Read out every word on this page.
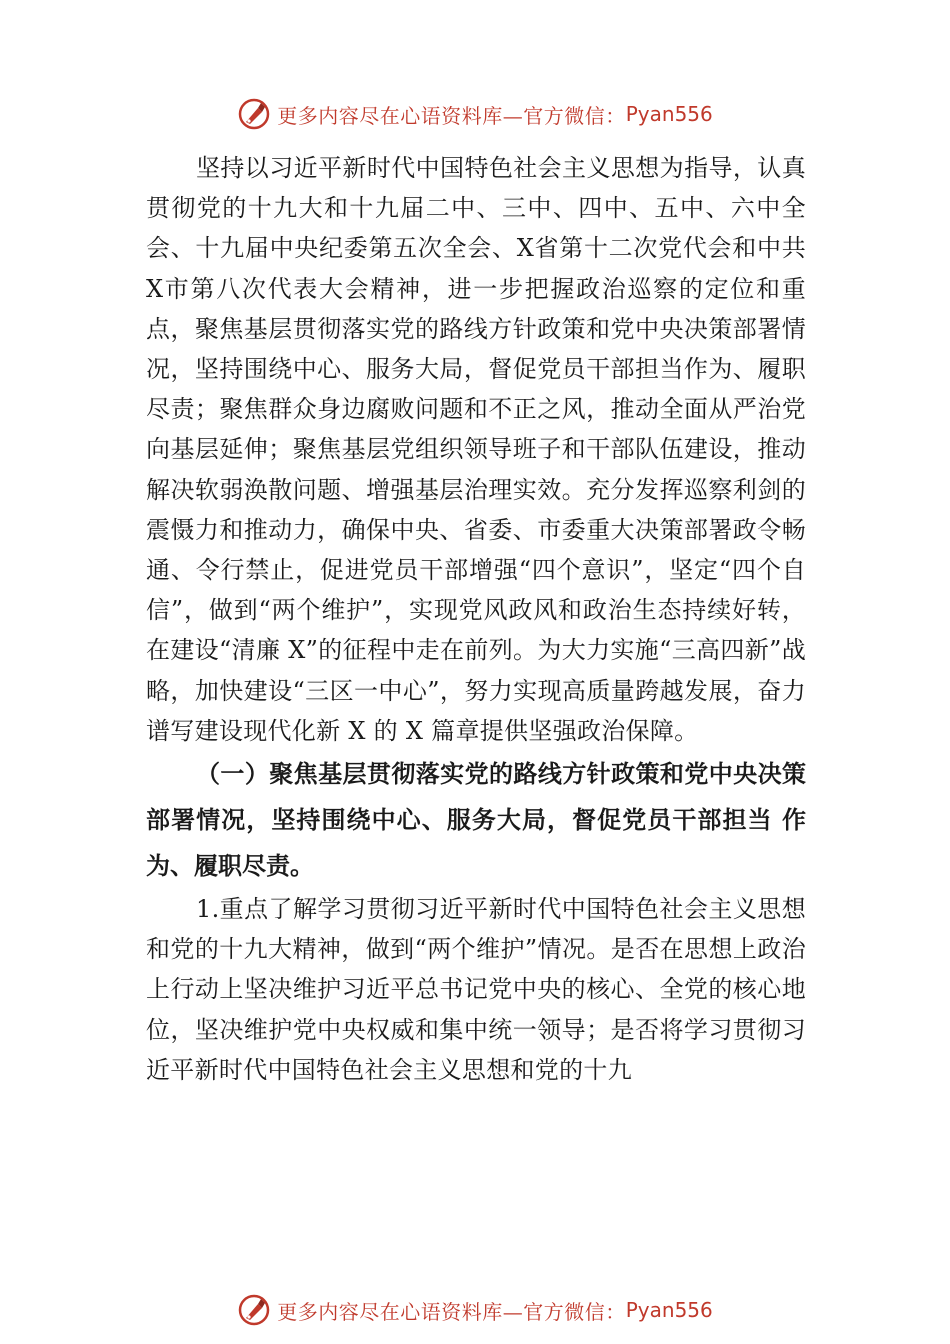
更多内容尽在心语资料库—官方微信： Pyan556

坚持以习近平新时代中国特色社会主义思想为指导，认真贯彻党的十九大和十九届二中、三中、四中、五中、六中全会、十九届中央纪委第五次全会、X省第十二次党代会和中共X市第八次代表大会精神，进一步把握政治巡察的定位和重点，聚焦基层贯彻落实党的路线方针政策和党中央决策部署情况，坚持围绕中心、服务大局，督促党员干部担当作为、履职尽责；聚焦群众身边腐败问题和不正之风，推动全面从严治党向基层延伸；聚焦基层党组织领导班子和干部队伍建设，推动解决软弱涣散问题、增强基层治理实效。充分发挥巡察利剑的震慑力和推动力，确保中央、省委、市委重大决策部署政令畅通、令行禁止，促进党员干部增强“四个意识”，坚定“四个自信”，做到“两个维护”，实现党风政风和政治生态持续好转，在建设“清廉 X”的征程中走在前列。为大力实施“三高四新”战略，加快建设“三区一中心”，努力实现高质量跨越发展，奋力谱写建设现代化新 X 的 X 篇章提供坚强政治保障。

（一）聚焦基层贯彻落实党的路线方针政策和党中央决策部署情况，坚持围绕中心、服务大局，督促党员干部担当 作为、履职尽责。

1.重点了解学习贯彻习近平新时代中国特色社会主义思想和党的十九大精神，做到“两个维护”情况。是否在思想上政治上行动上坚决维护习近平总书记党中央的核心、全党的核心地位，坚决维护党中央权威和集中统一领导；是否将学习贯彻习近平新时代中国特色社会主义思想和党的十九

更多内容尽在心语资料库—官方微信： Pyan556
